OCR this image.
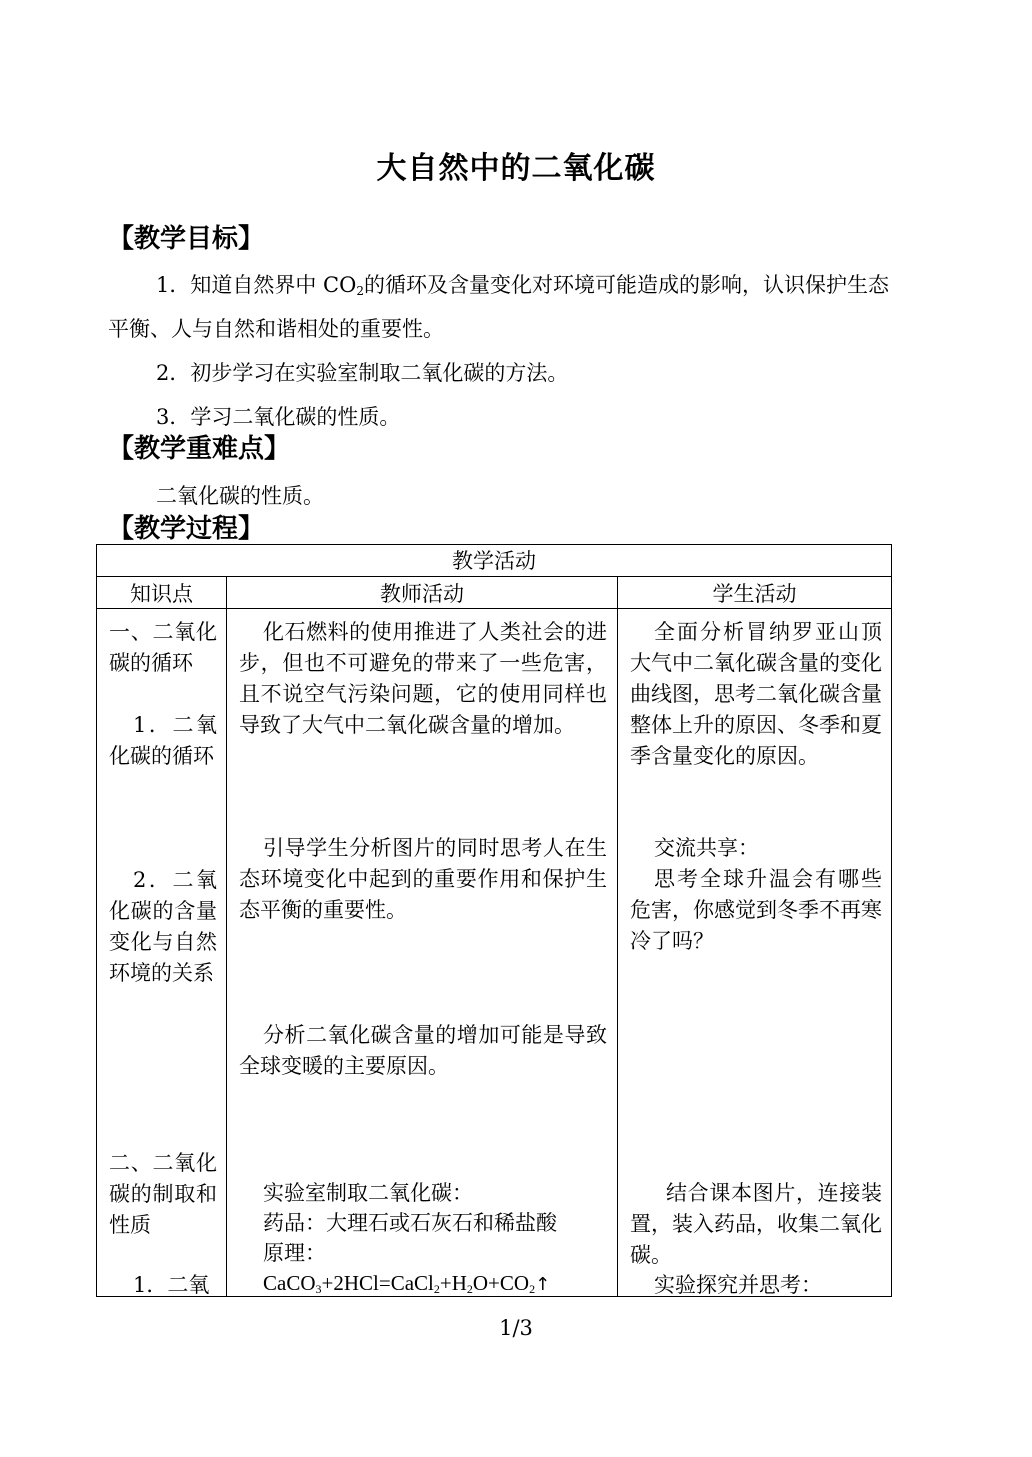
大自然中的二氧化碳
【教学目标】
1．知道自然界中 $CO_2$的循环及含量变化对环境可能造成的影响，认识保护生态平衡、人与自然和谐相处的重要性。
2．初步学习在实验室制取二氧化碳的方法。
3．学习二氧化碳的性质。
【教学重难点】
二氧化碳的性质。
【教学过程】
教学活动
知识点	教师活动	学生活动
一、二氧化碳的循环
1．二氧化碳的循环
2．二氧化碳的含量变化与自然环境的关系
二、二氧化碳的制取和性质
1．二氧
化石燃料的使用推进了人类社会的进步，但也不可避免的带来了一些危害，且不说空气污染问题，它的使用同样也导致了大气中二氧化碳含量的增加。
引导学生分析图片的同时思考人在生态环境变化中起到的重要作用和保护生态平衡的重要性。
分析二氧化碳含量的增加可能是导致全球变暖的主要原因。
实验室制取二氧化碳：
药品：大理石或石灰石和稀盐酸
原理：
$CaCO_3+2HCl=CaCl_2+H_2O+CO_2↑$
全面分析冒纳罗亚山顶大气中二氧化碳含量的变化曲线图，思考二氧化碳含量整体上升的原因、冬季和夏季含量变化的原因。
交流共享：
思考全球升温会有哪些危害，你感觉到冬季不再寒冷了吗？
结合课本图片，连接装置，装入药品，收集二氧化碳。
实验探究并思考：
1/3
